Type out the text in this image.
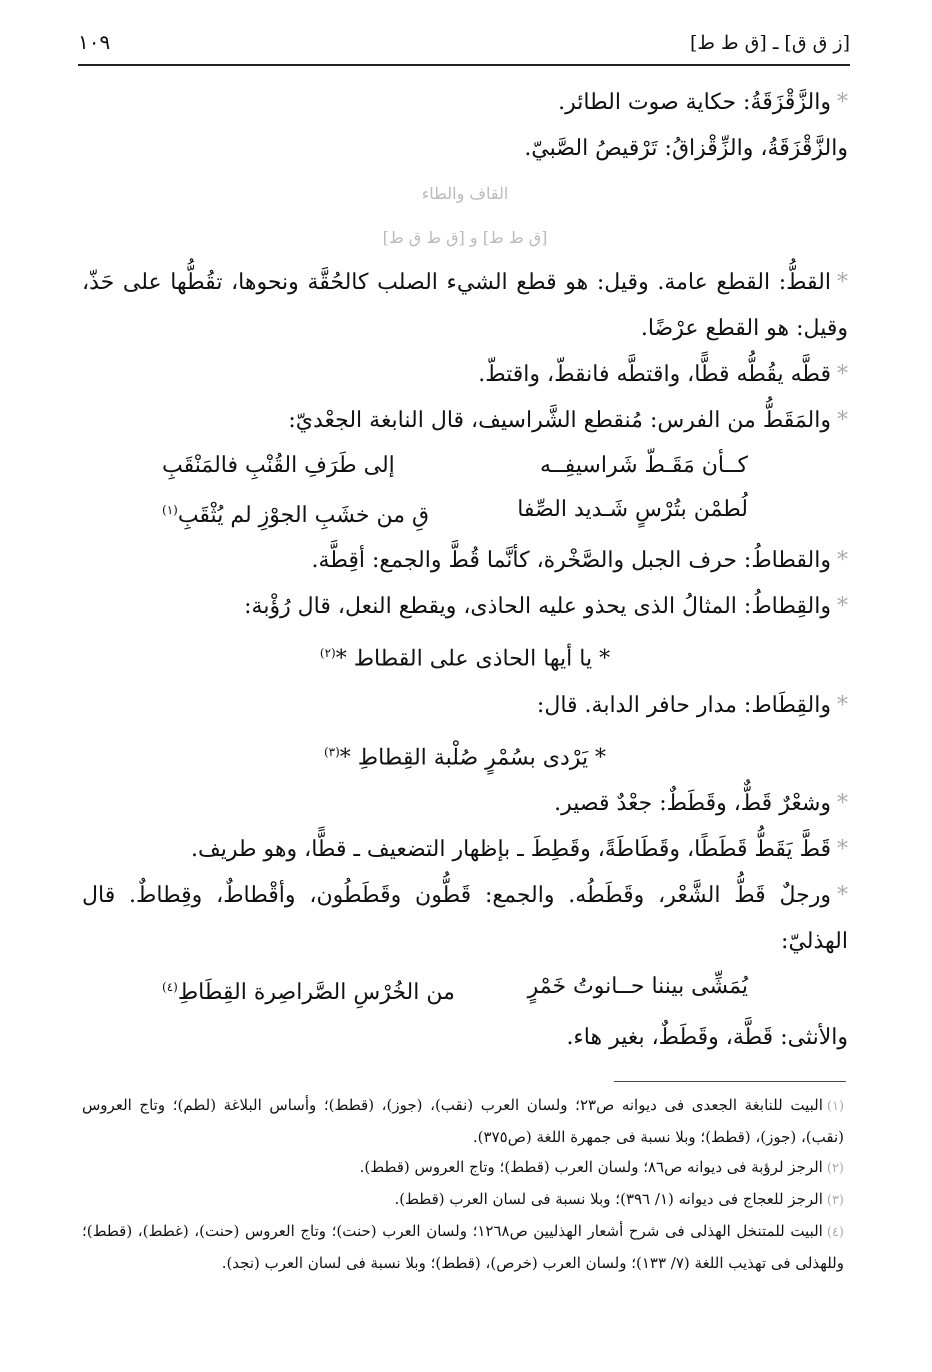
[ز ق ق] ـ [ق ط ط]
١٠٩
*والزَّقْزَقَةُ: حكاية صوت الطائر.
والزَّقْزَقَةُ، والزِّقْزاقُ: تَرْقيصُ الصَّبيّ.
القاف والطاء
[ق ط ط] و [ق ط ق ط]
*القطُّ: القطع عامة. وقيل: هو قطع الشيء الصلب كالحُقَّة ونحوها، تقُطُّها على حَذّ، وقيل: هو القطع عرْضًا.
*قطَّه يقُطُّه قطًّا، واقتطَّه فانقطّ، واقتطّ.
*والمَقَطُّ من الفرس: مُنقطع الشَّراسيف، قال النابغة الجعْديّ:
كــأن مَقَـطّ شَراسيفِــه
إلى طَرَفِ القُنْبِ فالمَنْقَبِ
لُطمْن بتُرْسٍ شَـديد الصِّفا
قِ من خشَبِ الجوْزِ لم يُثْقَبِ$^{(١)}$
*والقطاطُ: حرف الجبل والصَّخْرة، كأنَّما قُطَّ والجمع: أقِطَّة.
*والقِطاطُ: المثالُ الذى يحذو عليه الحاذى، ويقطع النعل، قال رُؤْبة:
* يا أيها الحاذى على القطاط *$^{(٢)}$
*والقِطَاط: مدار حافر الدابة. قال:
* يَرْدى بسُمْرٍ صُلْبة القِطاطِ *$^{(٣)}$
*وشعْرٌ قَطٌّ، وقَطَطٌ: جعْدٌ قصير.
*قَطَّ يَقَطُّ قَطَطًا، وقَطَاطَةً، وقَطِطَ ـ بإظهار التضعيف ـ قطًّا، وهو طريف.
*ورجلٌ قَطُّ الشَّعْر، وقَطَطُه. والجمع: قَطُّون وقَطَطُون، وأقْطاطٌ، وقِطاطٌ. قال الهذليّ:
يُمَشِّى بيننا حــانوتُ خَمْرٍ
من الخُرْسِ الصَّراصِرة القِطَاطِ$^{(٤)}$
والأنثى: قَطَّة، وقَطَطٌ، بغير هاء.
(١)البيت للنابغة الجعدى فى ديوانه ص٢٣؛ ولسان العرب (نقب)، (جوز)، (قطط)؛ وأساس البلاغة (لطم)؛ وتاج العروس (نقب)، (جوز)، (قطط)؛ وبلا نسبة فى جمهرة اللغة (ص٣٧٥).
(٢)الرجز لرؤبة فى ديوانه ص٨٦؛ ولسان العرب (قطط)؛ وتاج العروس (قطط).
(٣)الرجز للعجاج فى ديوانه (١/ ٣٩٦)؛ وبلا نسبة فى لسان العرب (قطط).
(٤)البيت للمتنخل الهذلى فى شرح أشعار الهذليين ص١٢٦٨؛ ولسان العرب (حنت)؛ وتاج العروس (حنت)، (غطط)، (قطط)؛ وللهذلى فى تهذيب اللغة (٧/ ١٣٣)؛ ولسان العرب (خرص)، (قطط)؛ وبلا نسبة فى لسان العرب (نجد).
